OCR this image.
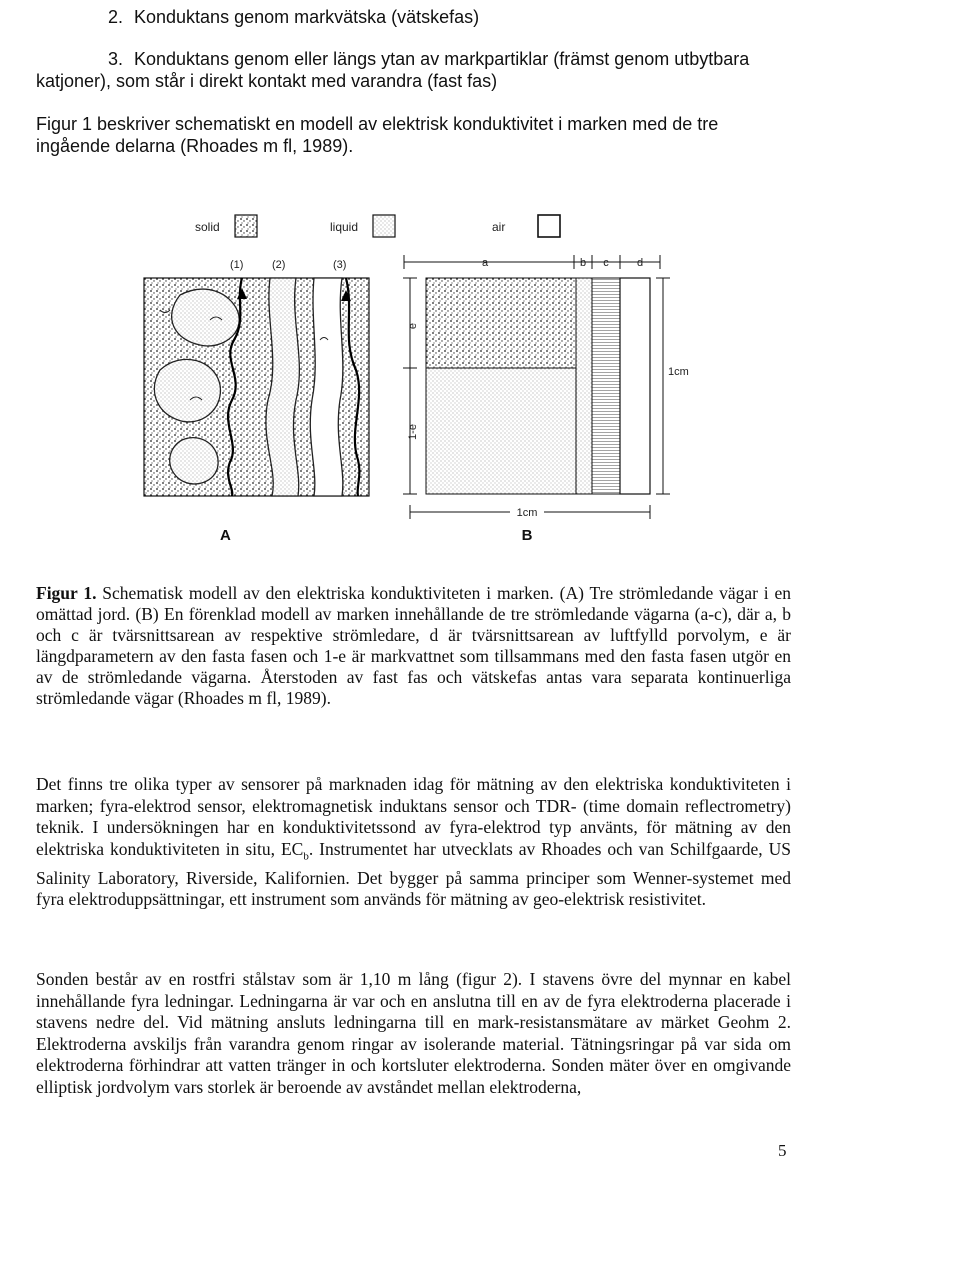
2. Konduktans genom markvätska (vätskefas)
3. Konduktans genom eller längs ytan av markpartiklar (främst genom utbytbara
katjoner), som står i direkt kontakt med varandra (fast fas)
Figur 1 beskriver schematiskt en modell av elektrisk konduktivitet i marken med de tre ingående delarna (Rhoades m fl, 1989).
solid	liquid	air
(1)	(2)	(3)
A
a	b c	d
e
1-e
1cm
1cm
B
Figur 1. Schematisk modell av den elektriska konduktiviteten i marken. (A) Tre strömledande vägar i en omättad jord. (B) En förenklad modell av marken innehållande de tre strömledande vägarna (a-c), där a, b och c är tvärsnittsarean av respektive strömledare, d är tvärsnittsarean av luftfylld porvolym, e är längdparametern av den fasta fasen och 1-e är markvattnet som tillsammans med den fasta fasen utgör en av de strömledande vägarna. Återstoden av fast fas och vätskefas antas vara separata kontinuerliga strömledande vägar (Rhoades m fl, 1989).
Det finns tre olika typer av sensorer på marknaden idag för mätning av den elektriska konduktiviteten i marken; fyra-elektrod sensor, elektromagnetisk induktans sensor och TDR- (time domain reflectrometry) teknik. I undersökningen har en konduktivitetssond av fyra-elektrod typ använts, för mätning av den elektriska konduktiviteten in situ, $EC_b$. Instrumentet har utvecklats av Rhoades och van Schilfgaarde, US Salinity Laboratory, Riverside, Kalifornien. Det bygger på samma principer som Wenner-systemet med fyra elektroduppsättningar, ett instrument som används för mätning av geo-elektrisk resistivitet.
Sonden består av en rostfri stålstav som är 1,10 m lång (figur 2). I stavens övre del mynnar en kabel innehållande fyra ledningar. Ledningarna är var och en anslutna till en av de fyra elektroderna placerade i stavens nedre del. Vid mätning ansluts ledningarna till en mark-resistansmätare av märket Geohm 2. Elektroderna avskiljs från varandra genom ringar av isolerande material. Tätningsringar på var sida om elektroderna förhindrar att vatten tränger in och kortsluter elektroderna. Sonden mäter över en omgivande elliptisk jordvolym vars storlek är beroende av avståndet mellan elektroderna,
5
